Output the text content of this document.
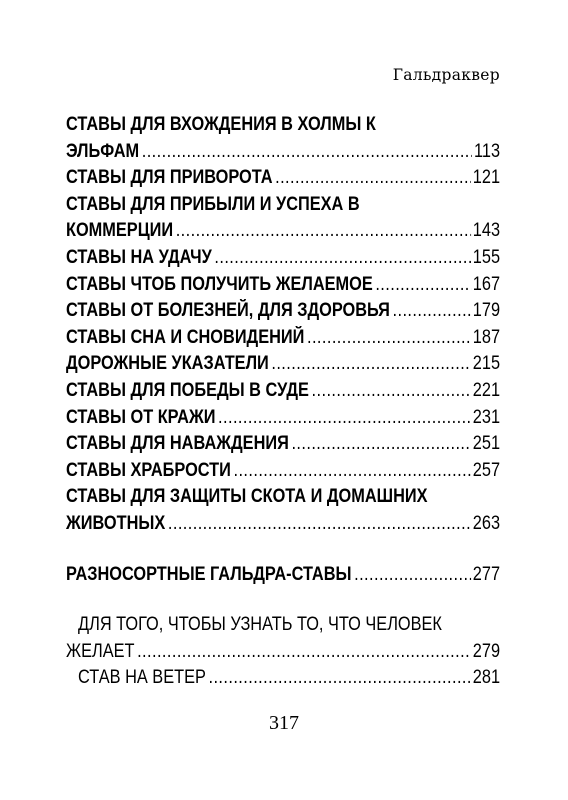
Гальдраквер
СТАВЫ ДЛЯ ВХОЖДЕНИЯ В ХОЛМЫ К
ЭЛЬФАМ .....	113
СТАВЫ ДЛЯ ПРИВОРОТА .....	121
СТАВЫ ДЛЯ ПРИБЫЛИ И УСПЕХА В
КОММЕРЦИИ .....	143
СТАВЫ НА УДАЧУ .....	155
СТАВЫ ЧТОБ ПОЛУЧИТЬ ЖЕЛАЕМОЕ .....	167
СТАВЫ ОТ БОЛЕЗНЕЙ, ДЛЯ ЗДОРОВЬЯ .....	179
СТАВЫ СНА И СНОВИДЕНИЙ .....	187
ДОРОЖНЫЕ УКАЗАТЕЛИ .....	215
СТАВЫ ДЛЯ ПОБЕДЫ В СУДЕ .....	221
СТАВЫ ОТ КРАЖИ .....	231
СТАВЫ ДЛЯ НАВАЖДЕНИЯ .....	251
СТАВЫ ХРАБРОСТИ .....	257
СТАВЫ ДЛЯ ЗАЩИТЫ СКОТА И ДОМАШНИХ
ЖИВОТНЫХ .....	263
РАЗНОСОРТНЫЕ ГАЛЬДРА-СТАВЫ .....	277
ДЛЯ ТОГО, ЧТОБЫ УЗНАТЬ ТО, ЧТО ЧЕЛОВЕК
ЖЕЛАЕТ .....	279
СТАВ НА ВЕТЕР .....	281
317
